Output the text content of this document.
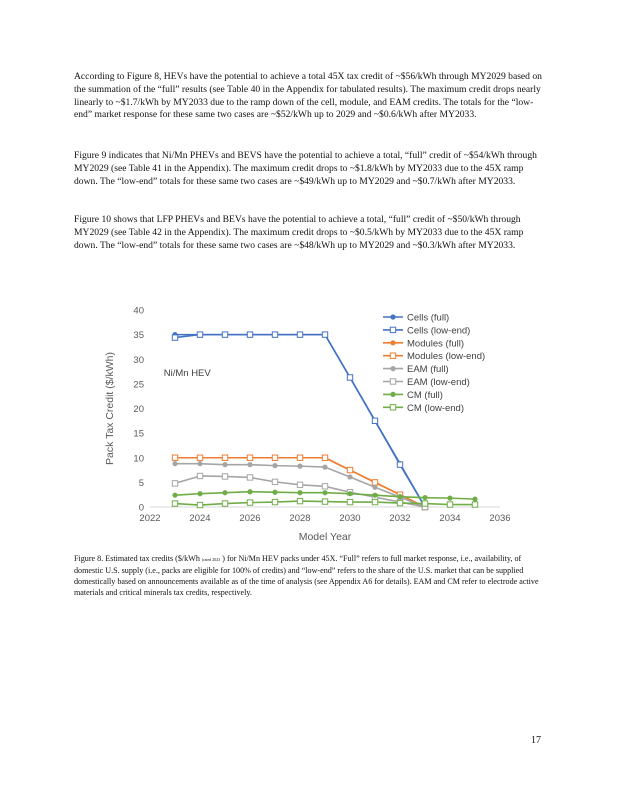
According to Figure 8, HEVs have the potential to achieve a total 45X tax credit of ~$56/kWh through MY2029 based on the summation of the “full” results (see Table 40 in the Appendix for tabulated results). The maximum credit drops nearly linearly to ~$1.7/kWh by MY2033 due to the ramp down of the cell, module, and EAM credits. The totals for the “low-end” market response for these same two cases are ~$52/kWh up to 2029 and ~$0.6/kWh after MY2033.

Figure 9 indicates that Ni/Mn PHEVs and BEVS have the potential to achieve a total, “full” credit of ~$54/kWh through MY2029 (see Table 41 in the Appendix). The maximum credit drops to ~$1.8/kWh by MY2033 due to the 45X ramp down. The “low-end” totals for these same two cases are ~$49/kWh up to MY2029 and ~$0.7/kWh after MY2033.

Figure 10 shows that LFP PHEVs and BEVs have the potential to achieve a total, “full” credit of ~$50/kWh through MY2029 (see Table 42 in the Appendix). The maximum credit drops to ~$0.5/kWh by MY2033 due to the 45X ramp down. The “low-end” totals for these same two cases are ~$48/kWh up to MY2029 and ~$0.3/kWh after MY2033.

0
5
10
15
20
25
30
35
40
2022	2024	2026	2028	2030	2032	2034	2036
Model Year
Pack Tax Credit ($/kWh)	Ni/Mn HEV
Cells (full)
Cells (low-end)
Modules (full)
Modules (low-end)
EAM (full)
EAM (low-end)
CM (full)
CM (low-end)

Figure 8. Estimated tax credits ($/kWh (rated 2023 ) for Ni/Mn HEV packs under 45X. “Full” refers to full market response, i.e., availability, of domestic U.S. supply (i.e., packs are eligible for 100% of credits) and “low-end” refers to the share of the U.S. market that can be supplied domestically based on announcements available as of the time of analysis (see Appendix A6 for details). EAM and CM refer to electrode active materials and critical minerals tax credits, respectively.

17
